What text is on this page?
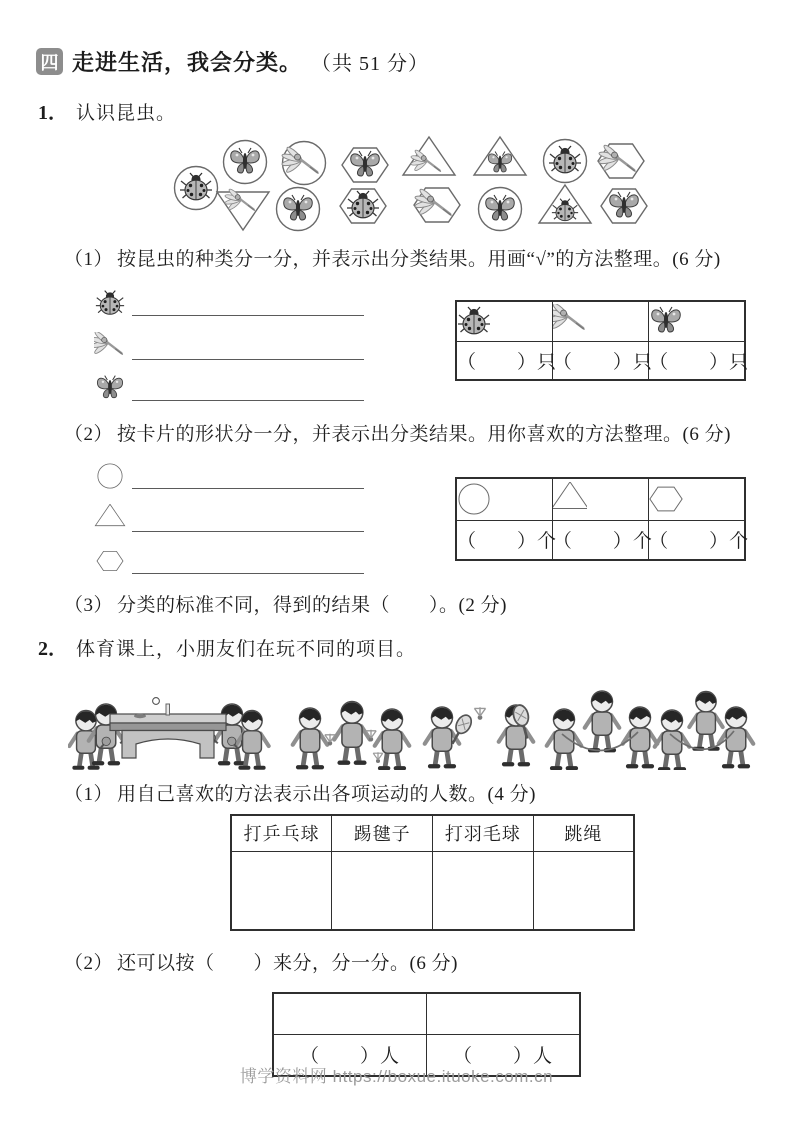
四 走进生活，我会分类。 （共 51 分）
1． 认识昆虫。
（1） 按昆虫的种类分一分，并表示出分类结果。用画“√”的方法整理。(6 分)

（　　）只	（　　）只	（　　）只
（2） 按卡片的形状分一分，并表示出分类结果。用你喜欢的方法整理。(6 分)

（　　）个	（　　）个	（　　）个
（3） 分类的标准不同，得到的结果（　　）。(2 分)
2． 体育课上，小朋友们在玩不同的项目。
（1） 用自己喜欢的方法表示出各项运动的人数。(4 分)
打乒乓球	踢毽子	打羽毛球	跳绳

（2） 还可以按（　　）来分，分一分。(6 分)

（　　）人	（　　）人
博学资料网 https://boxue.ituoke.com.cn
